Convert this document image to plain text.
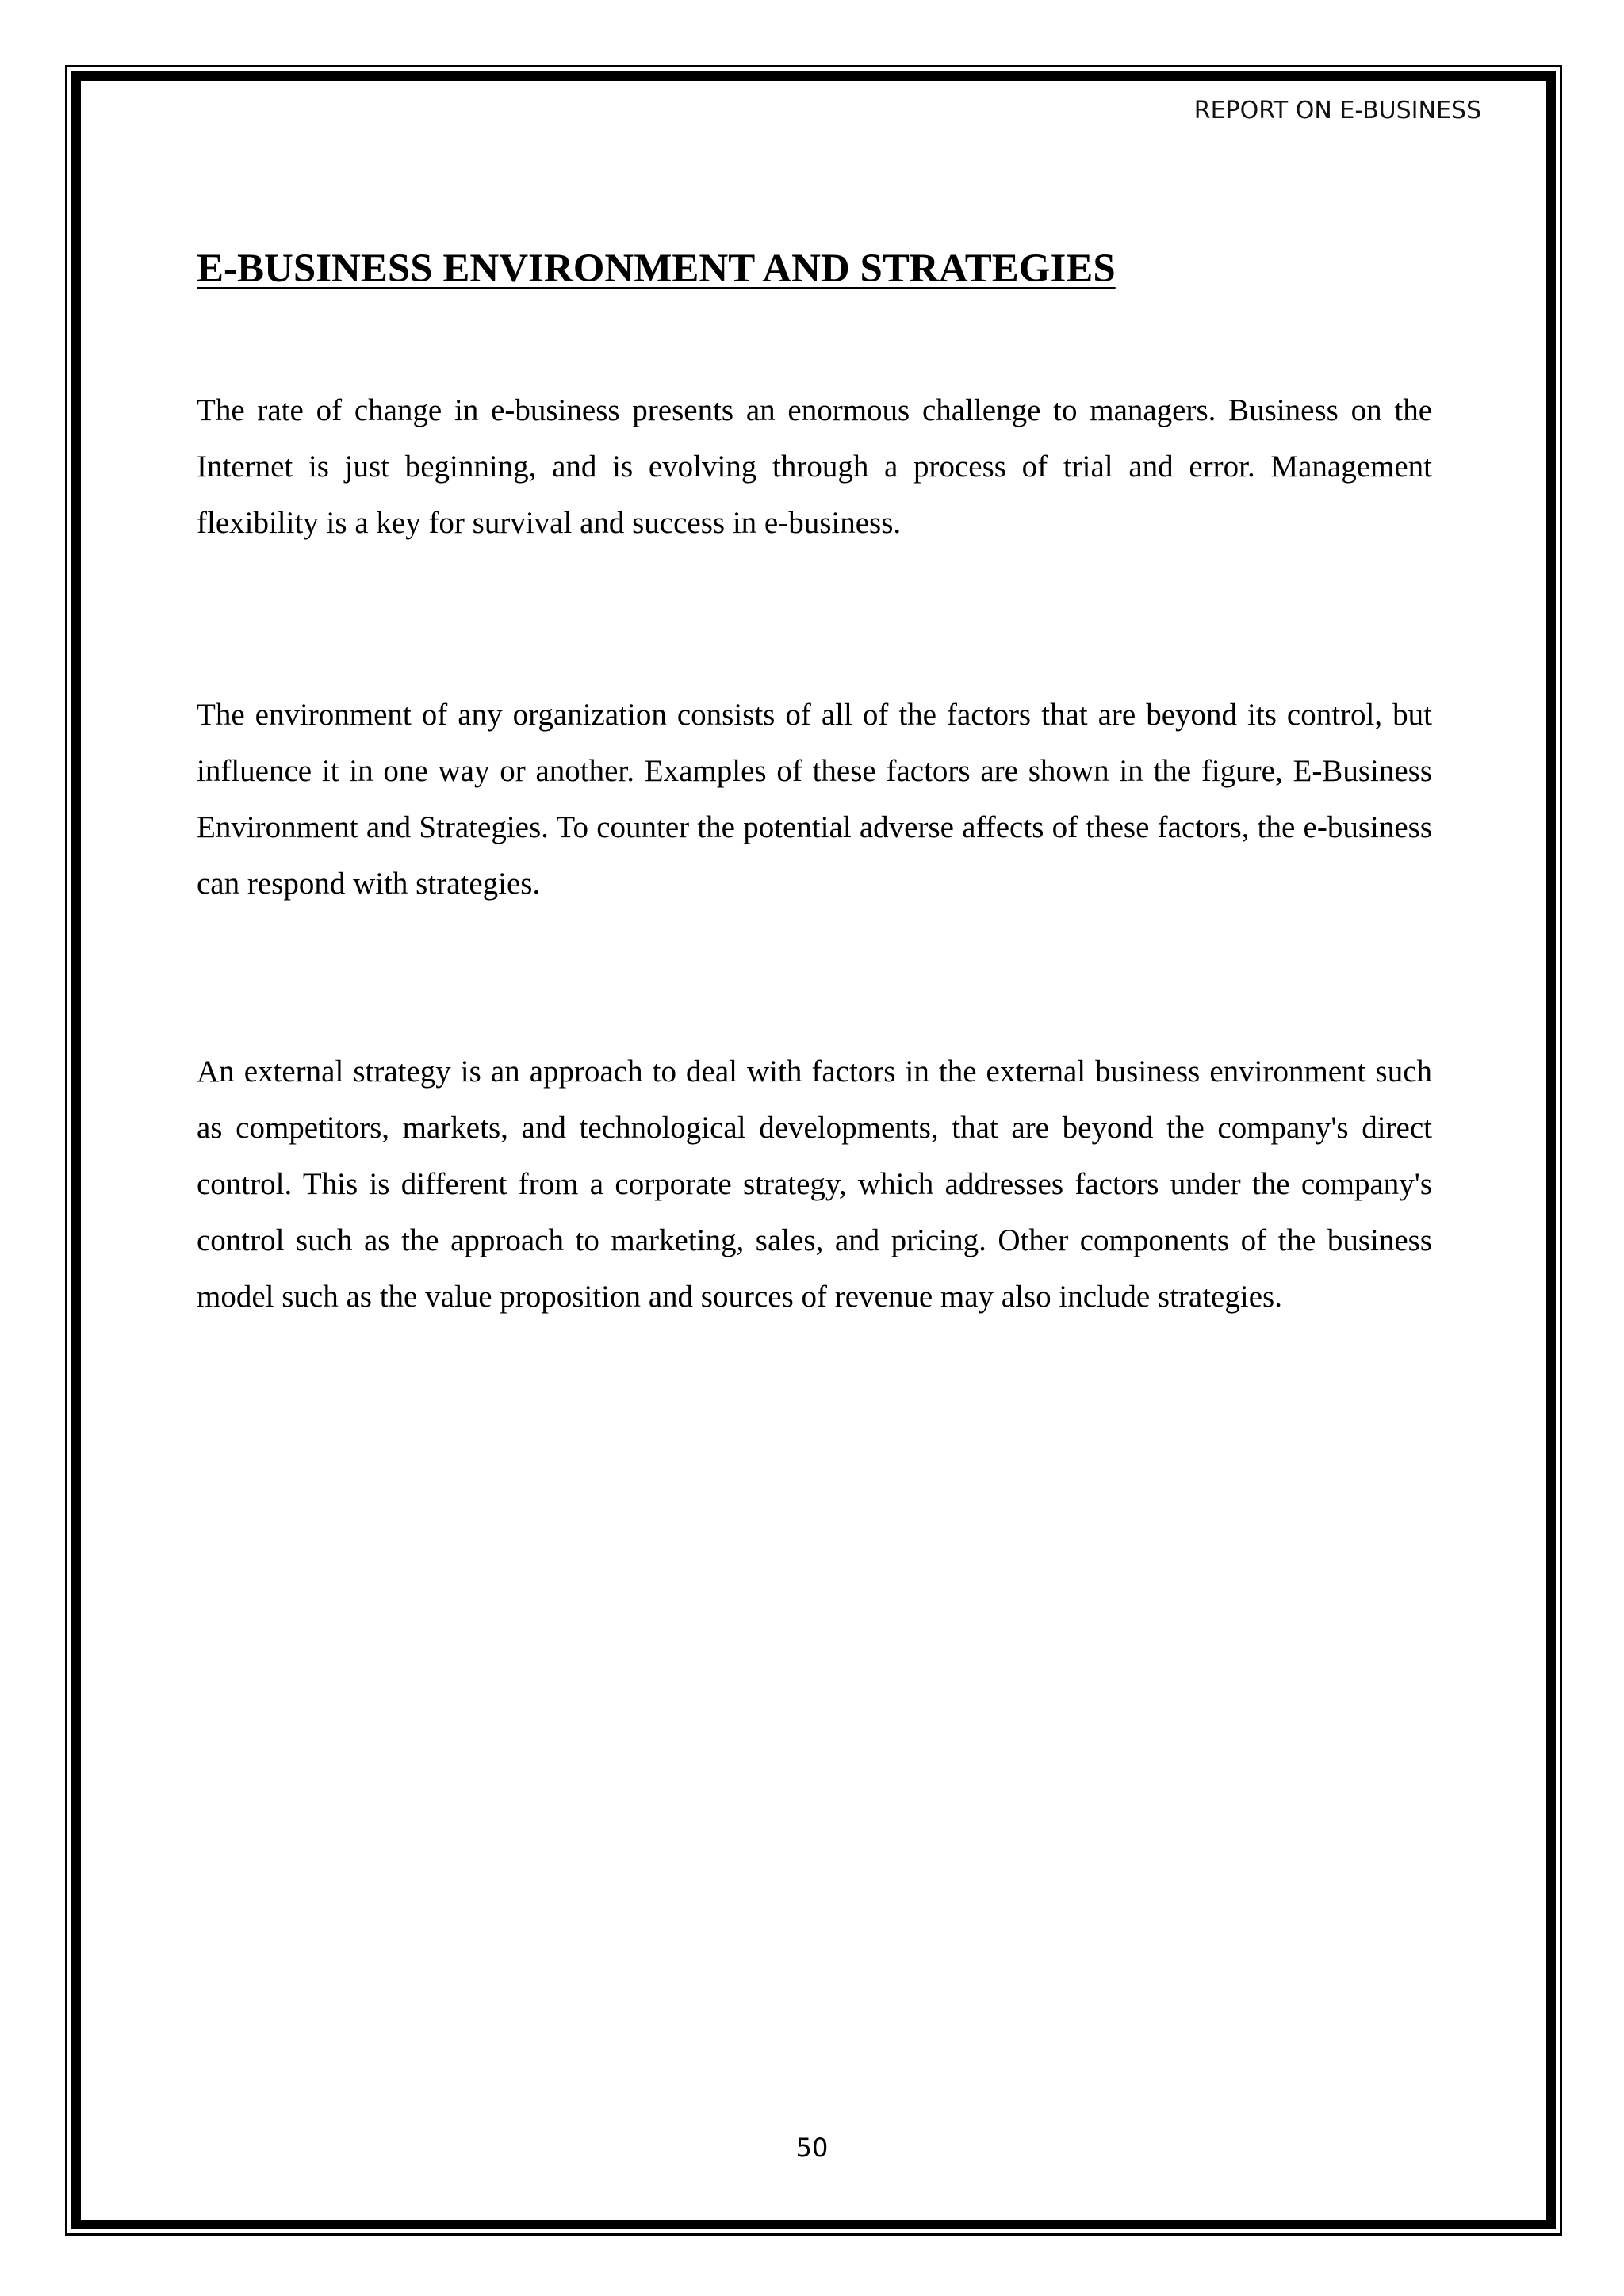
REPORT ON E-BUSINESS
E-BUSINESS ENVIRONMENT AND STRATEGIES

The rate of change in e-business presents an enormous challenge to managers. Business on the Internet is just beginning, and is evolving through a process of trial and error. Management flexibility is a key for survival and success in e-business.

The environment of any organization consists of all of the factors that are beyond its control, but influence it in one way or another. Examples of these factors are shown in the figure, E-Business Environment and Strategies. To counter the potential adverse affects of these factors, the e-business can respond with strategies.

An external strategy is an approach to deal with factors in the external business environment such as competitors, markets, and technological developments, that are beyond the company's direct control. This is different from a corporate strategy, which addresses factors under the company's control such as the approach to marketing, sales, and pricing. Other components of the business model such as the value proposition and sources of revenue may also include strategies.

50
